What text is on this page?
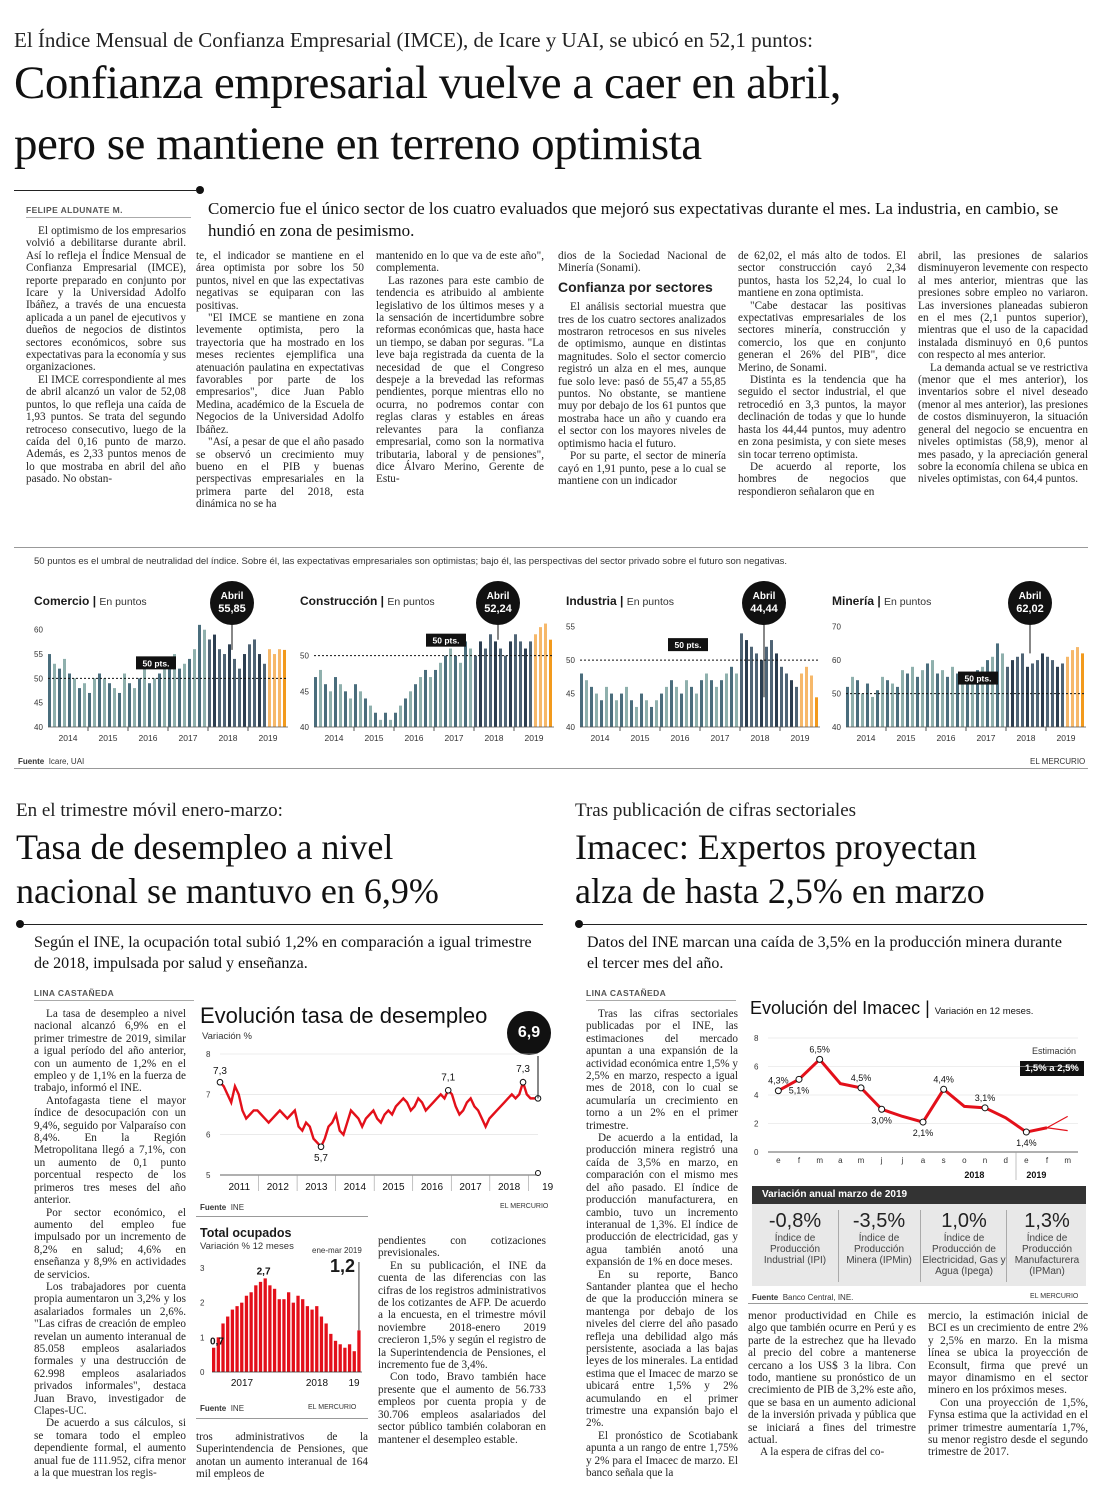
El Índice Mensual de Confianza Empresarial (IMCE), de Icare y UAI, se ubicó en 52,1 puntos:
Confianza empresarial vuelve a caer en abril,
pero se mantiene en terreno optimista
FELIPE ALDUNATE M.	Comercio fue el único sector de los cuatro evaluados que mejoró sus expectativas durante el mes. La industria, en cambio, se hundió en zona de pesimismo.

El optimismo de los empresarios volvió a debilitarse durante abril. Así lo refleja el Índice Mensual de Confianza Empresarial (IMCE), reporte preparado en conjunto por Icare y la Universidad Adolfo Ibáñez, a través de una encuesta aplicada a un panel de ejecutivos y dueños de negocios de distintos sectores económicos, sobre sus expectativas para la economía y sus organizaciones.

El IMCE correspondiente al mes de abril alcanzó un valor de 52,08 puntos, lo que refleja una caída de 1,93 puntos. Se trata del segundo retroceso consecutivo, luego de la caída del 0,16 punto de marzo. Además, es 2,33 puntos menos de lo que mostraba en abril del año pasado. No obstan-

te, el indicador se mantiene en el área optimista por sobre los 50 puntos, nivel en que las expectativas negativas se equiparan con las positivas.

"El IMCE se mantiene en zona levemente optimista, pero la trayectoria que ha mostrado en los meses recientes ejemplifica una atenuación paulatina en expectativas favorables por parte de los empresarios", dice Juan Pablo Medina, académico de la Escuela de Negocios de la Universidad Adolfo Ibáñez.

"Así, a pesar de que el año pasado se observó un crecimiento muy bueno en el PIB y buenas perspectivas empresariales en la primera parte del 2018, esta dinámica no se ha

mantenido en lo que va de este año", complementa.

Las razones para este cambio de tendencia es atribuido al ambiente legislativo de los últimos meses y a la sensación de incertidumbre sobre reformas económicas que, hasta hace un tiempo, se daban por seguras. "La leve baja registrada da cuenta de la necesidad de que el Congreso despeje a la brevedad las reformas pendientes, porque mientras ello no ocurra, no podremos contar con reglas claras y estables en áreas relevantes para la confianza empresarial, como son la normativa tributaria, laboral y de pensiones", dice Álvaro Merino, Gerente de Estu-

dios de la Sociedad Nacional de Minería (Sonami).

Confianza por sectores

El análisis sectorial muestra que tres de los cuatro sectores analizados mostraron retrocesos en sus niveles de optimismo, aunque en distintas magnitudes. Solo el sector comercio registró un alza en el mes, aunque fue solo leve: pasó de 55,47 a 55,85 puntos. No obstante, se mantiene muy por debajo de los 61 puntos que mostraba hace un año y cuando era el sector con los mayores niveles de optimismo hacia el futuro.

Por su parte, el sector de minería cayó en 1,91 punto, pese a lo cual se mantiene con un indicador

de 62,02, el más alto de todos. El sector construcción cayó 2,34 puntos, hasta los 52,24, lo cual lo mantiene en zona optimista.

"Cabe destacar las positivas expectativas empresariales de los sectores minería, construcción y comercio, los que en conjunto generan el 26% del PIB", dice Merino, de Sonami.

Distinta es la tendencia que ha seguido el sector industrial, el que retrocedió en 3,3 puntos, la mayor declinación de todas y que lo hunde hasta los 44,44 puntos, muy adentro en zona pesimista, y con siete meses sin tocar terreno optimista.

De acuerdo al reporte, los hombres de negocios que respondieron señalaron que en

abril, las presiones de salarios disminuyeron levemente con respecto al mes anterior, mientras que las presiones sobre empleo no variaron. Las inversiones planeadas subieron en el mes (2,1 puntos superior), mientras que el uso de la capacidad instalada disminuyó en 0,6 puntos con respecto al mes anterior.

La demanda actual se ve restrictiva (menor que el mes anterior), los inventarios sobre el nivel deseado (menor al mes anterior), las presiones de costos disminuyeron, la situación general del negocio se encuentra en niveles optimistas (58,9), menor al mes pasado, y la apreciación general sobre la economía chilena se ubica en niveles optimistas, con 64,4 puntos.

50 puntos es el umbral de neutralidad del índice. Sobre él, las expectativas empresariales son optimistas; bajo él, las perspectivas del sector privado sobre el futuro son negativas.
Comercio | En puntos	Construcción | En puntos	Industria | En puntos	Minería | En puntos
40
45
50
55
60
50 pts.
2014 2015 2016 2017 2018 2019
Abril
55,85
40
45
50
50 pts.
2014 2015 2016 2017 2018 2019
Abril
52,24
40
45
50
55
50 pts.
2014 2015 2016 2017 2018 2019
Abril
44,44
40
50
60
70
50 pts.
2014 2015 2016 2017 2018 2019
Abril
62,02
Fuente Icare, UAI	EL MERCURIO
En el trimestre móvil enero-marzo:
Tasa de desempleo a nivel
nacional se mantuvo en 6,9%
Según el INE, la ocupación total subió 1,2% en comparación a igual trimestre de 2018, impulsada por salud y enseñanza.
LINA CASTAÑEDA

La tasa de desempleo a nivel nacional alcanzó 6,9% en el primer trimestre de 2019, similar a igual período del año anterior, con un aumento de 1,2% en el empleo y de 1,1% en la fuerza de trabajo, informó el INE.

Antofagasta tiene el mayor índice de desocupación con un 9,4%, seguido por Valparaíso con 8,4%. En la Región Metropolitana llegó a 7,1%, con un aumento de 0,1 punto porcentual respecto de los primeros tres meses del año anterior.

Por sector económico, el aumento del empleo fue impulsado por un incremento de 8,2% en salud; 4,6% en enseñanza y 8,9% en actividades de servicios.

Los trabajadores por cuenta propia aumentaron un 3,2% y los asalariados formales un 2,6%. "Las cifras de creación de empleo revelan un aumento interanual de 85.058 empleos asalariados formales y una destrucción de 62.998 empleos asalariados privados informales", destaca Juan Bravo, investigador de Clapes-UC.

De acuerdo a sus cálculos, si se tomara todo el empleo dependiente formal, el aumento anual fue de 111.952, cifra menor a la que muestran los regis-

tros administrativos de la Superintendencia de Pensiones, que anotan un aumento interanual de 164 mil empleos de

pendientes con cotizaciones previsionales.

En su publicación, el INE da cuenta de las diferencias con las cifras de los registros administrativos de los cotizantes de AFP. De acuerdo a la encuesta, en el trimestre móvil noviembre 2018-enero 2019 crecieron 1,5% y según el registro de la Superintendencia de Pensiones, el incremento fue de 3,4%.

Con todo, Bravo también hace presente que el aumento de 56.733 empleos por cuenta propia y de 30.706 empleos asalariados del sector público también colaboran en mantener el desempleo estable.

Evolución tasa de desempleo
Variación %	6,9
5
6
7
8
2011 2012 2013 2014 2015 2016 2017 2018 19
7,3
5,7
7,1
7,3
Fuente INE	EL MERCURIO
Total ocupados
Variación % 12 meses ene-mar 2019
1,2
0
1
2
3	2,7
0,7
2017	2018 19
Fuente INE	EL MERCURIO
Tras publicación de cifras sectoriales
Imacec: Expertos proyectan
alza de hasta 2,5% en marzo
Datos del INE marcan una caída de 3,5% en la producción minera durante el tercer mes del año.
LINA CASTAÑEDA

Tras las cifras sectoriales publicadas por el INE, las estimaciones del mercado apuntan a una expansión de la actividad económica entre 1,5% y 2,5% en marzo, respecto a igual mes de 2018, con lo cual se acumularía un crecimiento en torno a un 2% en el primer trimestre.

De acuerdo a la entidad, la producción minera registró una caída de 3,5% en marzo, en comparación con el mismo mes del año pasado. El índice de producción manufacturera, en cambio, tuvo un incremento interanual de 1,3%. El índice de producción de electricidad, gas y agua también anotó una expansión de 1% en doce meses.

En su reporte, Banco Santander plantea que el hecho de que la producción minera se mantenga por debajo de los niveles del cierre del año pasado refleja una debilidad algo más persistente, asociada a las bajas leyes de los minerales. La entidad estima que el Imacec de marzo se ubicará entre 1,5% y 2% acumulando en el primer trimestre una expansión bajo el 2%.

El pronóstico de Scotiabank apunta a un rango de entre 1,75% y 2% para el Imacec de marzo. El banco señala que la

menor productividad en Chile es algo que también ocurre en Perú y es parte de la estrechez que ha llevado al precio del cobre a mantenerse cercano a los US$ 3 la libra. Con todo, mantiene su pronóstico de un crecimiento de PIB de 3,2% este año, que se basa en un aumento adicional de la inversión privada y pública que se iniciará a fines del trimestre actual.

A la espera de cifras del co-

mercio, la estimación inicial de BCI es un crecimiento de entre 2% y 2,5% en marzo. En la misma línea se ubica la proyección de Econsult, firma que prevé un mayor dinamismo en el sector minero en los próximos meses.

Con una proyección de 1,5%, Fynsa estima que la actividad en el primer trimestre aumentaría 1,7%, su menor registro desde el segundo trimestre de 2017.

Evolución del Imacec | Variación en 12 meses.
Estimación
1,5% a 2,5%
0
2
4
6
8
e f m a m j j a s o n d e f m
4,3%
5,1%
6,5%
4,5%
3,0%
2,1%
4,4%
3,1%
1,4%
2018	2019
Variación anual marzo de 2019
-0,8%
Índice de Producción Industrial (IPI)
-3,5%
Índice de Producción Minera (IPMin)
1,0%
Índice de Producción de Electricidad, Gas y Agua (Ipega)
1,3%
Índice de Producción Manufacturera (IPMan)
Fuente Banco Central, INE.	EL MERCURIO
